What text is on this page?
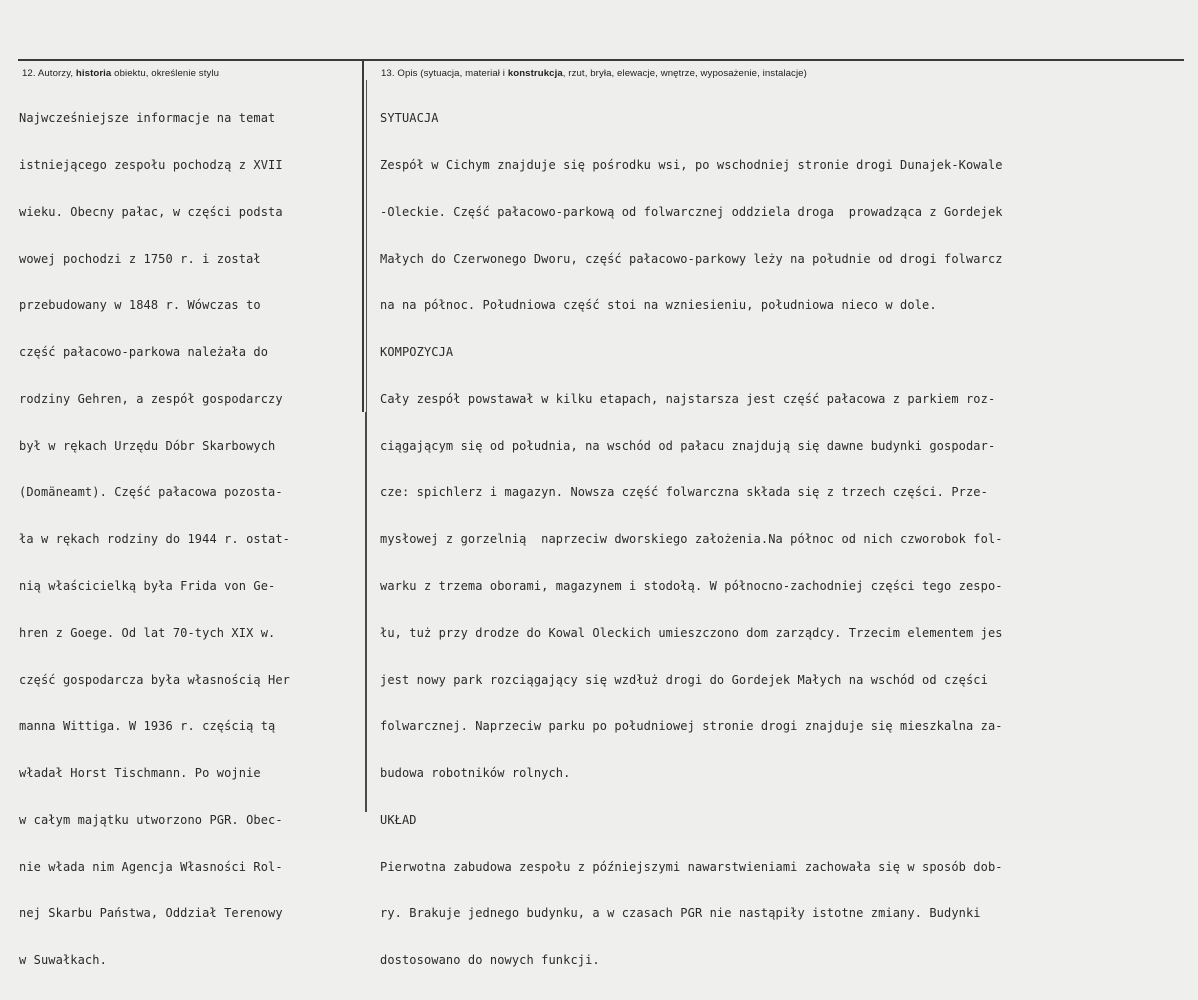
12. Autorzy, historia obiektu, określenie stylu	13. Opis (sytuacja, materiał i konstrukcja, rzut, bryła, elewacje, wnętrze, wyposażenie, instalacje)

Najwcześniejsze informacje na temat

istniejącego zespołu pochodzą z XVII

wieku. Obecny pałac, w części podsta

wowej pochodzi z 1750 r. i został

przebudowany w 1848 r. Wówczas to

część pałacowo-parkowa należała do

rodziny Gehren, a zespół gospodarczy

był w rękach Urzędu Dóbr Skarbowych

(Domäneamt). Część pałacowa pozosta-

ła w rękach rodziny do 1944 r. ostat-

nią właścicielką była Frida von Ge-

hren z Goege. Od lat 70-tych XIX w.

część gospodarcza była własnością Her

manna Wittiga. W 1936 r. częścią tą

władał Horst Tischmann. Po wojnie

w całym majątku utworzono PGR. Obec-

nie włada nim Agencja Własności Rol-

nej Skarbu Państwa, Oddział Terenowy

w Suwałkach.

SYTUACJA

Zespół w Cichym znajduje się pośrodku wsi, po wschodniej stronie drogi Dunajek-Kowale

-Oleckie. Część pałacowo-parkową od folwarcznej oddziela droga  prowadząca z Gordejek

Małych do Czerwonego Dworu, część pałacowo-parkowy leży na południe od drogi folwarcz

na na północ. Południowa część stoi na wzniesieniu, południowa nieco w dole.

KOMPOZYCJA

Cały zespół powstawał w kilku etapach, najstarsza jest część pałacowa z parkiem roz-

ciągającym się od południa, na wschód od pałacu znajdują się dawne budynki gospodar-

cze: spichlerz i magazyn. Nowsza część folwarczna składa się z trzech części. Prze-

mysłowej z gorzelnią  naprzeciw dworskiego założenia.Na północ od nich czworobok fol-

warku z trzema oborami, magazynem i stodołą. W północno-zachodniej części tego zespo-

łu, tuż przy drodze do Kowal Oleckich umieszczono dom zarządcy. Trzecim elementem jes

jest nowy park rozciągający się wzdłuż drogi do Gordejek Małych na wschód od części

folwarcznej. Naprzeciw parku po południowej stronie drogi znajduje się mieszkalna za-

budowa robotników rolnych.

UKŁAD

Pierwotna zabudowa zespołu z późniejszymi nawarstwieniami zachowała się w sposób dob-

ry. Brakuje jednego budynku, a w czasach PGR nie nastąpiły istotne zmiany. Budynki

dostosowano do nowych funkcji.
